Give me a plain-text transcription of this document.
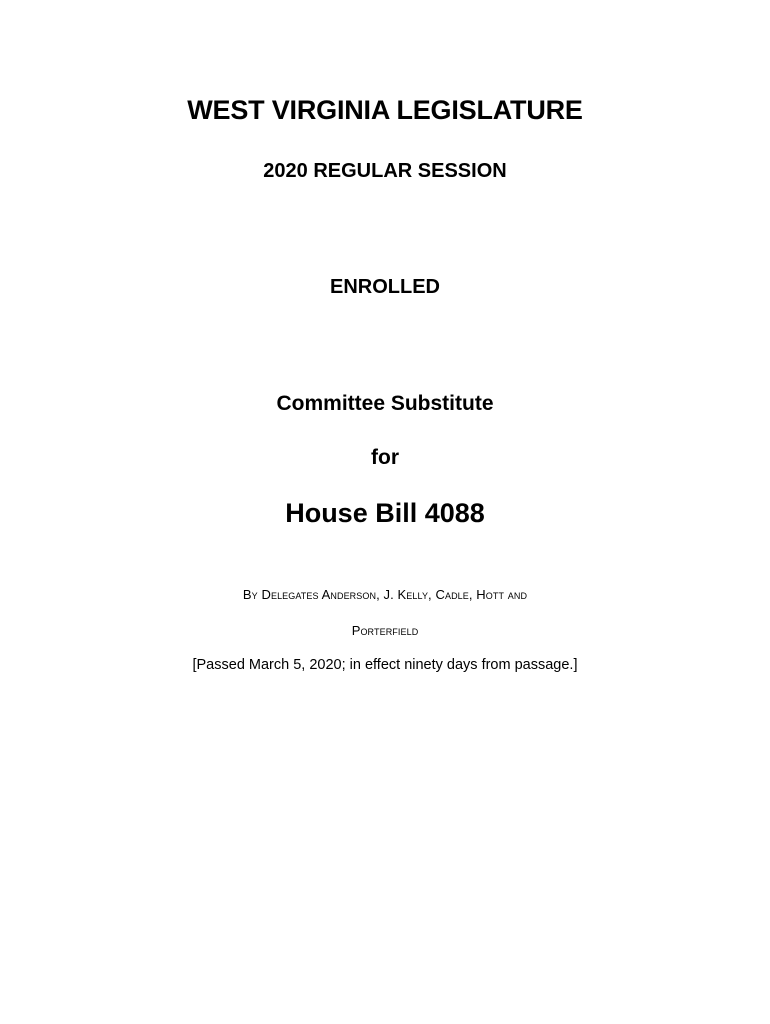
WEST VIRGINIA LEGISLATURE
2020 REGULAR SESSION
ENROLLED
Committee Substitute
for
House Bill 4088
By Delegates Anderson, J. Kelly, Cadle, Hott and
Porterfield
[Passed March 5, 2020; in effect ninety days from passage.]
